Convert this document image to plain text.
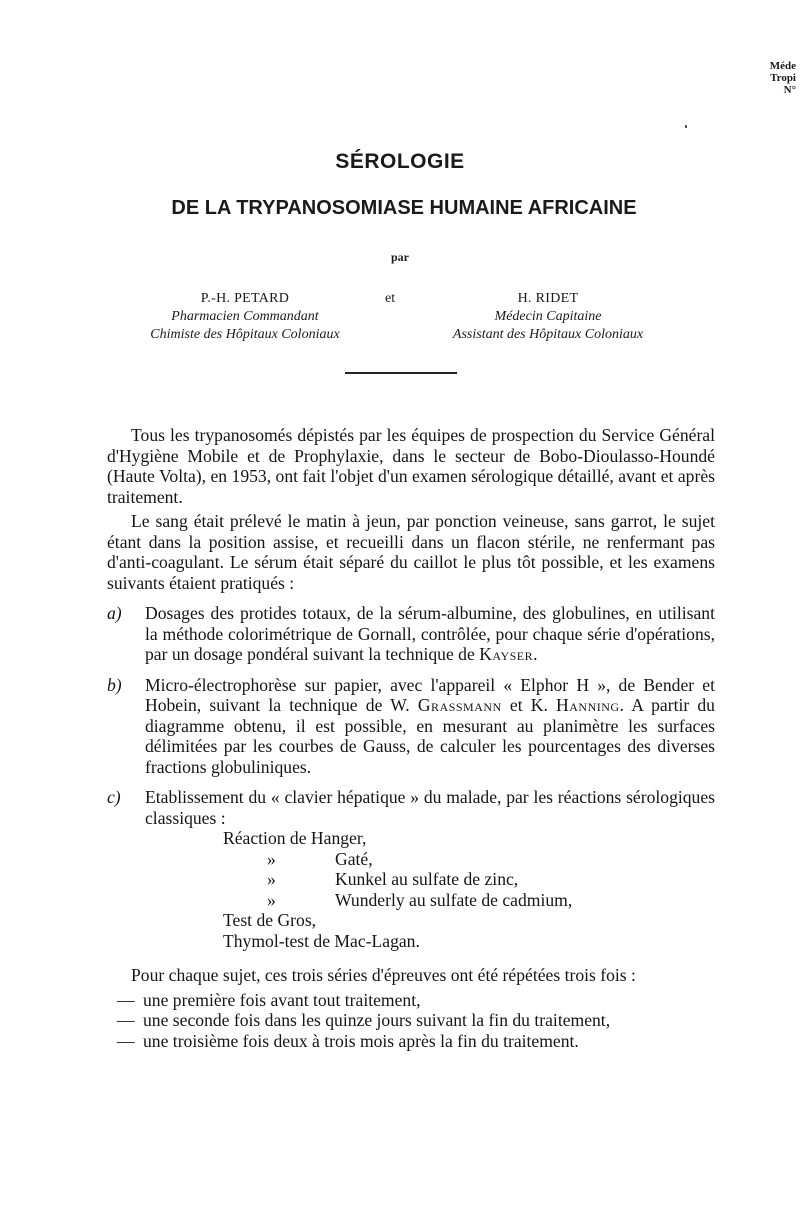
Méde
Tropi
N°
SÉROLOGIE
DE LA TRYPANOSOMIASE HUMAINE AFRICAINE
par
P.-H. PETARD
Pharmacien Commandant
Chimiste des Hôpitaux Coloniaux
et	H. RIDET
Médecin Capitaine
Assistant des Hôpitaux Coloniaux

Tous les trypanosomés dépistés par les équipes de prospection du Service Général d'Hygiène Mobile et de Prophylaxie, dans le secteur de Bobo-Dioulasso-Houndé (Haute Volta), en 1953, ont fait l'objet d'un examen sérologique détaillé, avant et après traitement.

Le sang était prélevé le matin à jeun, par ponction veineuse, sans garrot, le sujet étant dans la position assise, et recueilli dans un flacon stérile, ne renfermant pas d'anti-coagulant. Le sérum était séparé du caillot le plus tôt possible, et les examens suivants étaient pratiqués :

a) Dosages des protides totaux, de la sérum-albumine, des globulines, en utilisant la méthode colorimétrique de Gornall, contrôlée, pour chaque série d'opérations, par un dosage pondéral suivant la technique de Kayser.
b) Micro-électrophorèse sur papier, avec l'appareil « Elphor H », de Bender et Hobein, suivant la technique de W. Grassmann et K. Hanning. A partir du diagramme obtenu, il est possible, en mesurant au planimètre les surfaces délimitées par les courbes de Gauss, de calculer les pourcentages des diverses fractions globuliniques.
c) Etablissement du « clavier hépatique » du malade, par les réactions sérologiques classiques :
Réaction de Hanger,
»	Gaté,
»	Kunkel au sulfate de zinc,
»	Wunderly au sulfate de cadmium,
Test de Gros,
Thymol-test de Mac-Lagan.

Pour chaque sujet, ces trois séries d'épreuves ont été répétées trois fois :

— une première fois avant tout traitement,
— une seconde fois dans les quinze jours suivant la fin du traitement,
— une troisième fois deux à trois mois après la fin du traitement.
